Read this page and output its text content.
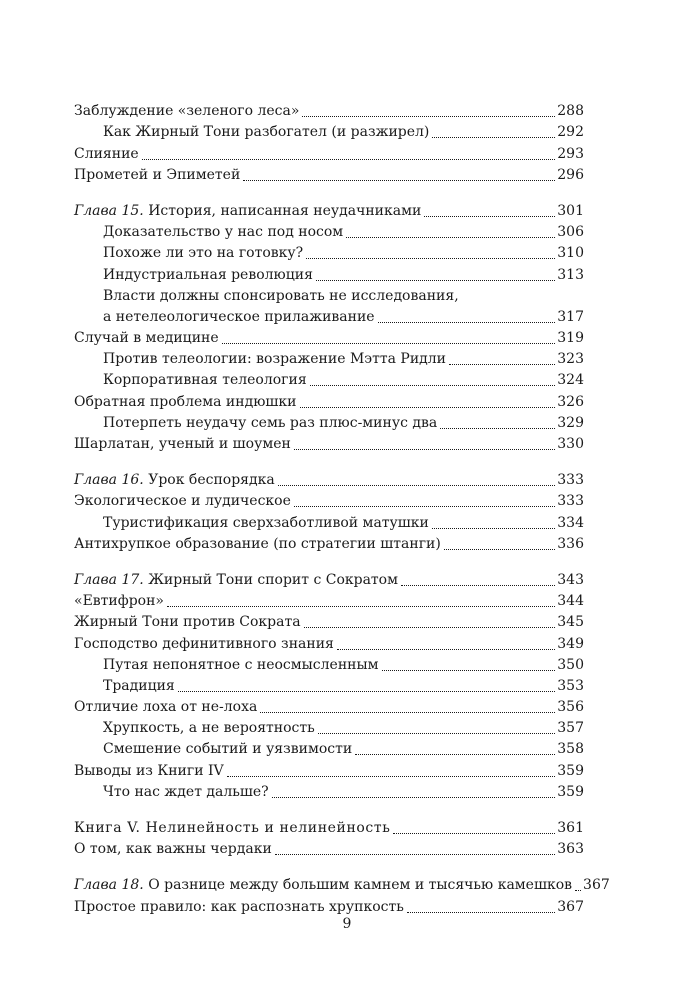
Заблуждение «зеленого леса»	288
Как Жирный Тони разбогател (и разжирел)	292
Слияние	293
Прометей и Эпиметей	296
Глава 15. История, написанная неудачниками	301
Доказательство у нас под носом	306
Похоже ли это на готовку?	310
Индустриальная революция	313
Власти должны спонсировать не исследования,
а нетелеологическое прилаживание	317
Случай в медицине	319
Против телеологии: возражение Мэтта Ридли	323
Корпоративная телеология	324
Обратная проблема индюшки	326
Потерпеть неудачу семь раз плюс-минус два	329
Шарлатан, ученый и шоумен	330
Глава 16. Урок беспорядка	333
Экологическое и лудическое	333
Туристификация сверхзаботливой матушки	334
Антихрупкое образование (по стратегии штанги)	336
Глава 17. Жирный Тони спорит с Сократом	343
«Евтифрон»	344
Жирный Тони против Сократа	345
Господство дефинитивного знания	349
Путая непонятное с неосмысленным	350
Традиция	353
Отличие лоха от не-лоха	356
Хрупкость, а не вероятность	357
Смешение событий и уязвимости	358
Выводы из Книги IV	359
Что нас ждет дальше?	359
Книга V. Нелинейность и нелинейность	361
О том, как важны чердаки	363
Глава 18. О разнице между большим камнем и тысячью камешков 367
Простое правило: как распознать хрупкость	367
9
